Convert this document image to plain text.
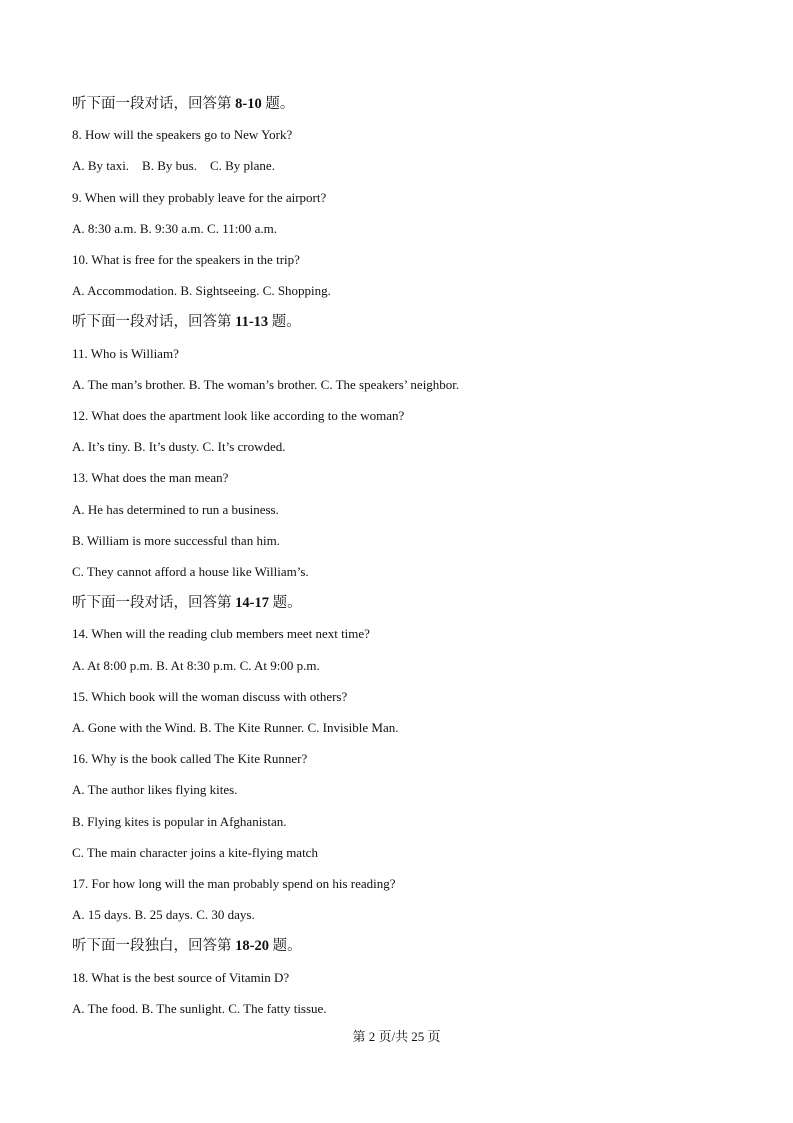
听下面一段对话，回答第 8-10 题。
8. How will the speakers go to New York?
A. By taxi.    B. By bus.    C. By plane.
9. When will they probably leave for the airport?
A. 8:30 a.m. B. 9:30 a.m. C. 11:00 a.m.
10. What is free for the speakers in the trip?
A. Accommodation. B. Sightseeing. C. Shopping.
听下面一段对话，回答第 11-13 题。
11. Who is William?
A. The man’s brother. B. The woman’s brother. C. The speakers’ neighbor.
12. What does the apartment look like according to the woman?
A. It’s tiny. B. It’s dusty. C. It’s crowded.
13. What does the man mean?
A. He has determined to run a business.
B. William is more successful than him.
C. They cannot afford a house like William’s.
听下面一段对话，回答第 14-17 题。
14. When will the reading club members meet next time?
A. At 8:00 p.m. B. At 8:30 p.m. C. At 9:00 p.m.
15. Which book will the woman discuss with others?
A. Gone with the Wind. B. The Kite Runner. C. Invisible Man.
16. Why is the book called The Kite Runner?
A. The author likes flying kites.
B. Flying kites is popular in Afghanistan.
C. The main character joins a kite-flying match
17. For how long will the man probably spend on his reading?
A. 15 days. B. 25 days. C. 30 days.
听下面一段独白，回答第 18-20 题。
18. What is the best source of Vitamin D?
A. The food. B. The sunlight. C. The fatty tissue.
第 2 页/共 25 页
